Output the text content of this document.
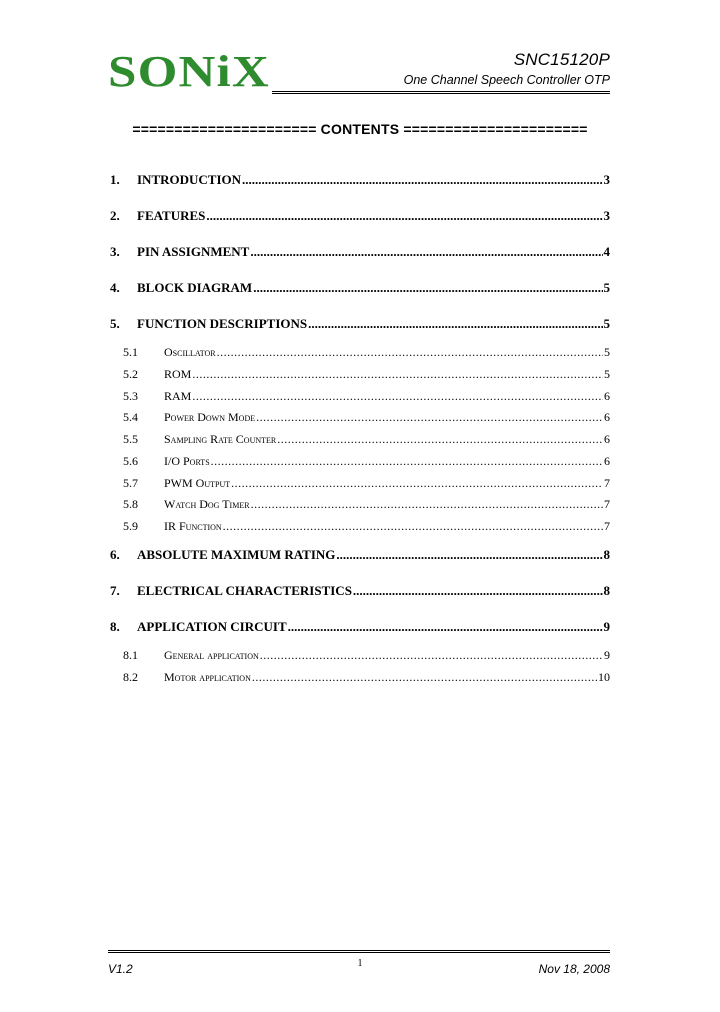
SONiX	SNC15120P
One Channel Speech Controller OTP
====================== CONTENTS ======================
1.	INTRODUCTION .....	3
2.	FEATURES .....	3
3.	PIN ASSIGNMENT .....	4
4.	BLOCK DIAGRAM .....	5
5.	FUNCTION DESCRIPTIONS .....	5
5.1	Oscillator .....	5
5.2	ROM .....	5
5.3	RAM .....	6
5.4	Power Down Mode .....	6
5.5	Sampling Rate Counter .....	6
5.6	I/O Ports .....	6
5.7	PWM Output .....	7
5.8	Watch Dog Timer .....	7
5.9	IR Function .....	7
6.	ABSOLUTE MAXIMUM RATING .....	8
7.	ELECTRICAL CHARACTERISTICS .....	8
8.	APPLICATION CIRCUIT .....	9
8.1	General application .....	9
8.2	Motor application .....	10
V1.2	1	Nov 18, 2008
